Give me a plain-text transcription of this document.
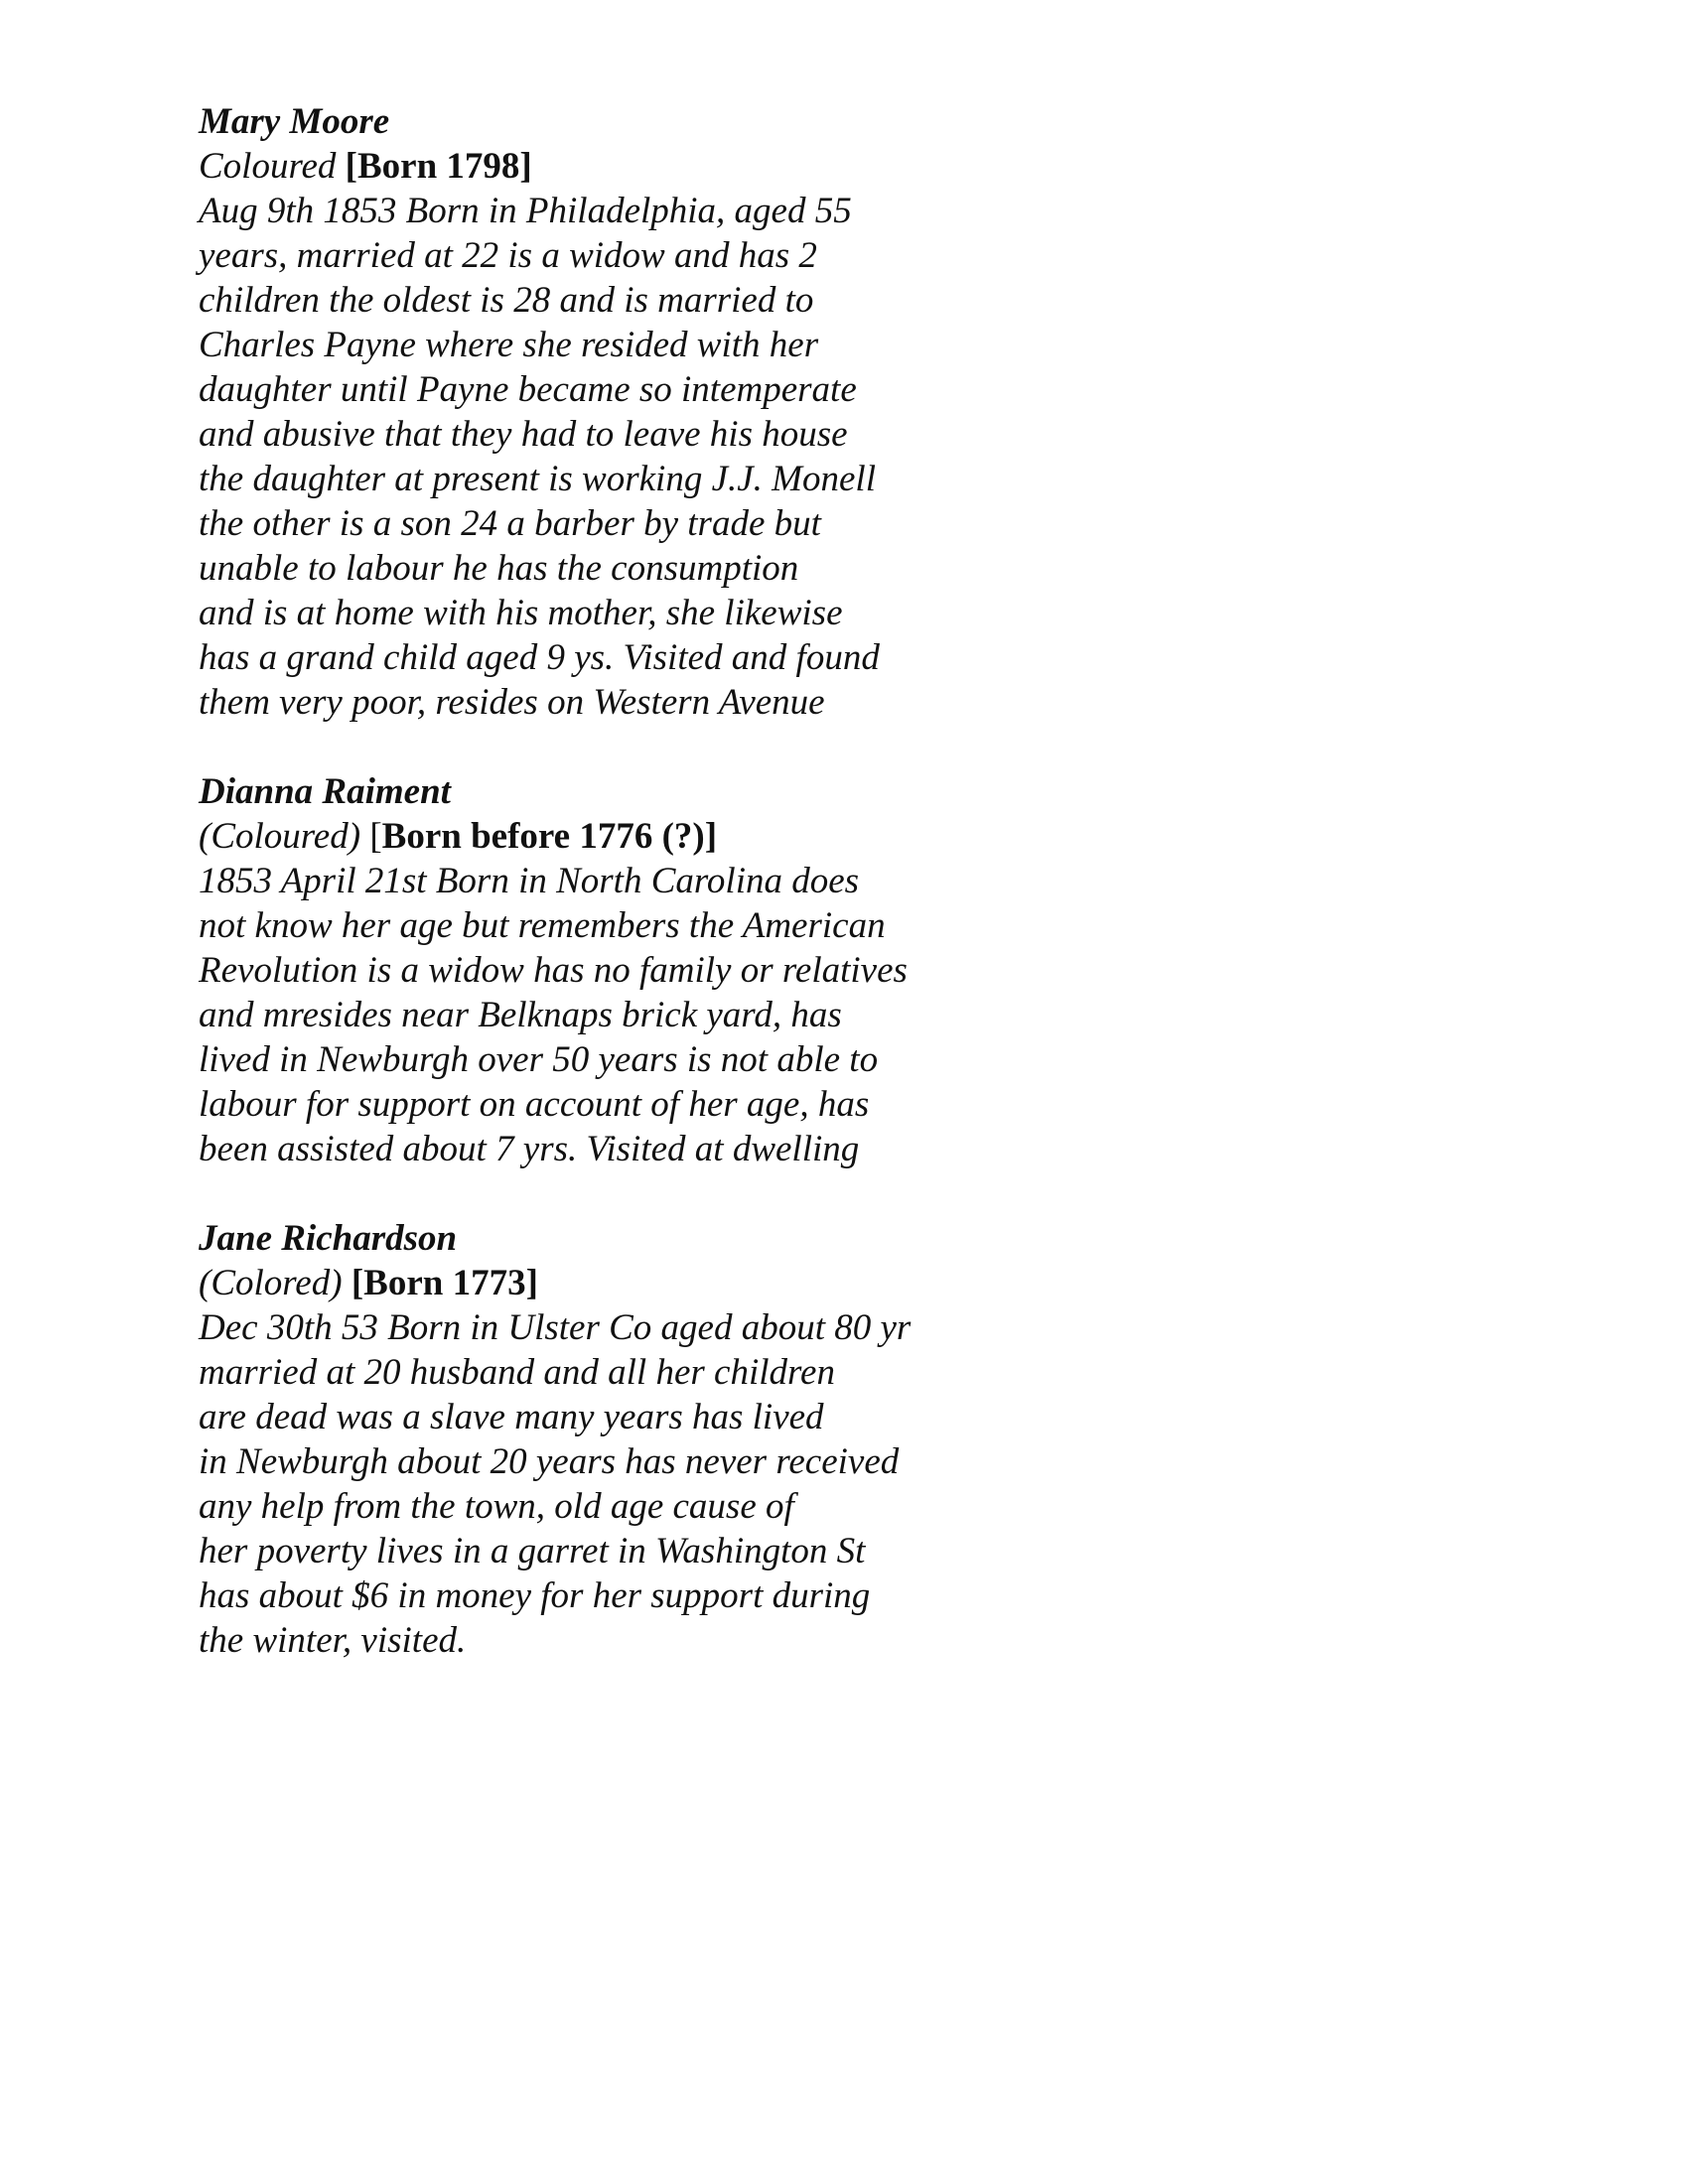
Mary Moore
Coloured [Born 1798]
Aug 9th 1853 Born in Philadelphia, aged 55
years, married at 22 is a widow and has 2
children the oldest is 28 and is married to
Charles Payne where she resided with her
daughter until Payne became so intemperate
and abusive that they had to leave his house
the daughter at present is working J.J. Monell
the other is a son 24 a barber by trade but
unable to labour he has the consumption
and is at home with his mother, she likewise
has a grand child aged 9 ys. Visited and found
them very poor, resides on Western Avenue
Dianna Raiment
(Coloured) [Born before 1776 (?)]
1853 April 21st Born in North Carolina does
not know her age but remembers the American
Revolution is a widow has no family or relatives
and mresides near Belknaps brick yard, has
lived in Newburgh over 50 years is not able to
labour for support on account of her age, has
been assisted about 7 yrs. Visited at dwelling
Jane Richardson
(Colored) [Born 1773]
Dec 30th 53 Born in Ulster Co aged about 80 yr
married at 20 husband and all her children
are dead was a slave many years has lived
in Newburgh about 20 years has never received
any help from the town, old age cause of
her poverty lives in a garret in Washington St
has about $6 in money for her support during
the winter, visited.
